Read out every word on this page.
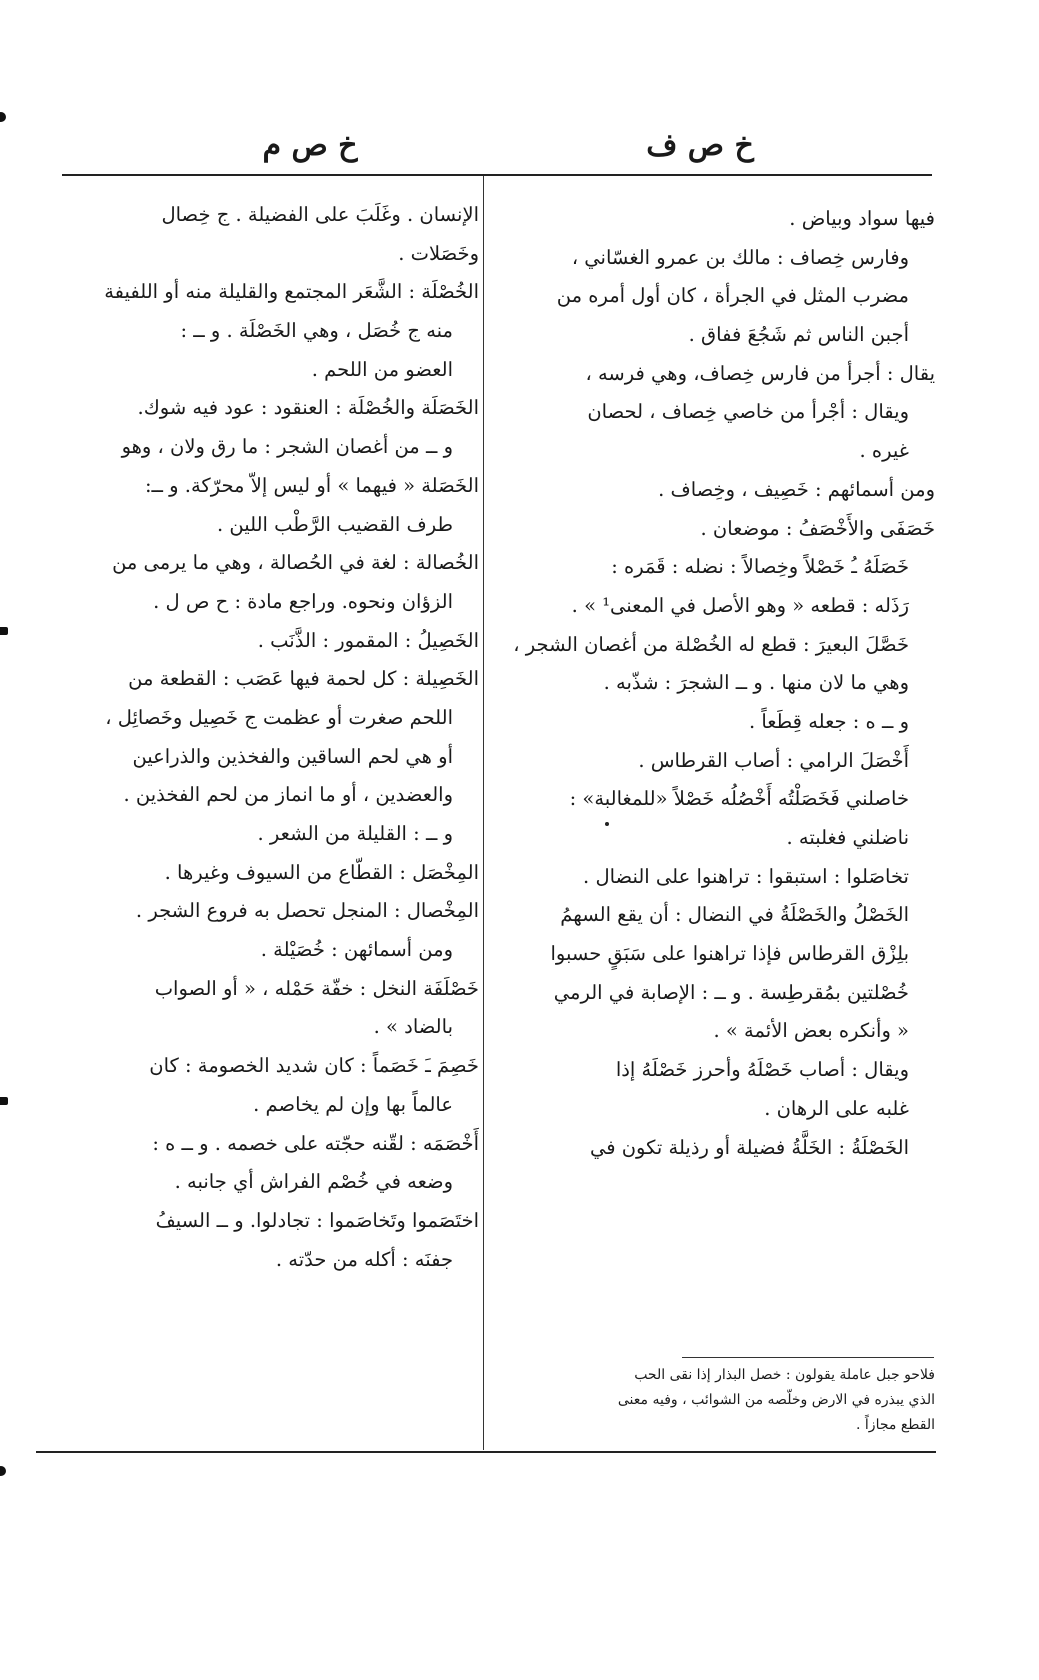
خ ص ف
خ ص م
فيها سواد وبياض .
وفارس خِصاف : مالك بن عمرو الغسّاني ،
مضرب المثل في الجرأة ، كان أول أمره من
أجبن الناس ثم شَجُعَ ففاق .
يقال : أجرأ من فارس خِصاف، وهي فرسه ،
ويقال : أجْرأ من خاصي خِصاف ، لحصان
غيره .
ومن أسمائهم : خَصِيف ، وخِصاف .
خَصَفَى والأَخْصَفُ : موضعان .
خَصَلَهُ ـُ خَصْلاً وخِصالاً : نضله : قَمَره :
رَذَله : قطعه « وهو الأصل في المعنى¹ » .
خَصَّلَ البعيرَ : قطع له الخُصْلة من أغصان الشجر ،
وهي ما لان منها . و ــ الشجرَ : شذّبه .
و ــ ه : جعله قِطَعاً .
أَخْصَلَ الرامي : أصاب القرطاس .
خاصلني فَخَصَلْتُه أَخْصُلُه خَصْلاً «للمغالبة» :
ناضلني فغلبته .
تخاصَلوا : استبقوا : تراهنوا على النضال .
الخَصْلُ والخَصْلَةُ في النضال : أن يقع السهمُ
بلِزْق القرطاس فإذا تراهنوا على سَبَقٍ حسبوا
خُصْلتين بمُقرطِسة . و ــ : الإصابة في الرمي
« وأنكره بعض الأئمة » .
ويقال : أصاب خَصْلَهُ وأحرز خَصْلَهُ إذا
غلبه على الرهان .
الخَصْلَةُ : الخَلَّةُ فضيلة أو رذيلة تكون في
الإنسان . وغَلَبَ على الفضيلة . ج خِصال
وخَصَلات .
الخُصْلَة : الشَّعَر المجتمع والقليلة منه أو اللفيفة
منه ج خُصَل ، وهي الخَصْلَة . و ــ :
العضو من اللحم .
الخَصَلَة والخُصْلَة : العنقود : عود فيه شوك.
و ــ من أغصان الشجر : ما رق ولان ، وهو
الخَصَلة « فيهما » أو ليس إلاّ محرّكة. و ــ:
طرف القضيب الرَّطْب اللين .
الخُصالة : لغة في الحُصالة ، وهي ما يرمى من
الزؤان ونحوه. وراجع مادة : ح ص ل .
الخَصِيلُ : المقمور : الذَّنَب .
الخَصِيلة : كل لحمة فيها عَصَب : القطعة من
اللحم صغرت أو عظمت ج خَصِيل وخَصائِل ،
أو هي لحم الساقين والفخذين والذراعين
والعضدين ، أو ما انماز من لحم الفخذين .
و ــ : القليلة من الشعر .
المِخْصَل : القطّاع من السيوف وغيرها .
المِخْصال : المنجل تحصل به فروع الشجر .
ومن أسمائهن : خُصَيْلة .
خَصْلَفَة النخل : خفّة حَمْله ، « أو الصواب
بالضاد » .
خَصِمَ ـَ خَصَماً : كان شديد الخصومة : كان
عالماً بها وإن لم يخاصم .
أَخْصَمَه : لقّنه حجّته على خصمه . و ــ ه :
وضعه في خُصْم الفراش أي جانبه .
اختَصَموا وتَخاصَموا : تجادلوا. و ــ السيفُ
جفنَه : أكله من حدّته .
فلاحو جبل عاملة يقولون : خصل البذار إذا نقى الحب
الذي يبذره في الارض وخلّصه من الشوائب ، وفيه معنى
القطع مجازاً .
